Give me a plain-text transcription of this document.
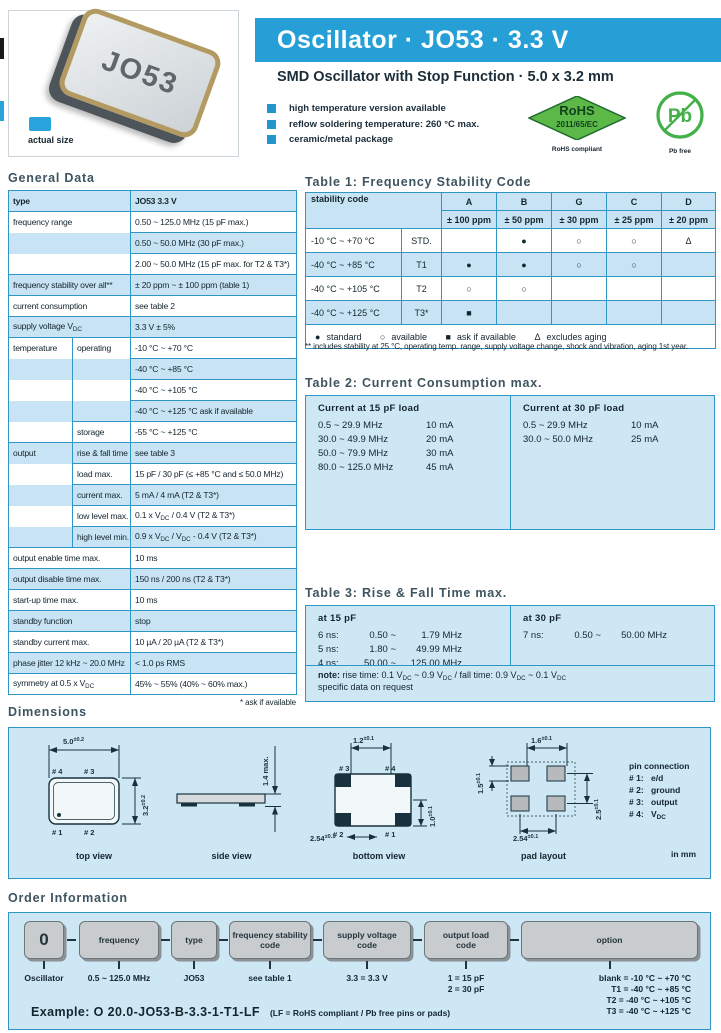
JO53
actual size
Oscillator · JO53 · 3.3 V
SMD Oscillator with Stop Function · 5.0 x 3.2 mm
high temperature version available
reflow soldering temperature: 260 °C max.
ceramic/metal package
RoHS
2011/65/EC
RoHS compliant
Pb
Pb free
General Data
type		JO53 3.3 V
frequency range		0.50 ~ 125.0 MHz (15 pF max.)
		0.50 ~ 50.0 MHz (30 pF max.)
		2.00 ~ 50.0 MHz (15 pF max. for T2 & T3*)
frequency stability over all**		± 20 ppm ~ ± 100 ppm (table 1)
current consumption		see table 2
supply voltage $V_{DC}$		3.3 V ± 5%
temperature	operating	-10 °C ~ +70 °C
		-40 °C ~ +85 °C
		-40 °C ~ +105 °C
		-40 °C ~ +125 °C ask if available
	storage	-55 °C ~ +125 °C
output	rise & fall time	see table 3
	load max.	15 pF / 30 pF (≤ +85 °C and ≤ 50.0 MHz)
	current max.	5 mA / 4 mA (T2 & T3*)
	low level max.	0.1 x $V_{DC} / 0.4$ V (T2 & T3*)
	high level min.	0.9 x $V_{DC} / V_{DC} - 0.4$ V (T2 & T3*)
output enable time max.		10 ms
output disable time max.		150 ns / 200 ns (T2 & T3*)
start-up time max.		10 ms
standby function		stop
standby current max.		10 µA / 20 µA (T2 & T3*)
phase jitter 12 kHz ~ 20.0 MHz		< 1.0 ps RMS
symmetry at 0.5 x $V_{DC}$		45% ~ 55% (40% ~ 60% max.)
* ask if available
Table 1: Frequency Stability Code
stability code		A	B	G	C	D
		± 100 ppm	± 50 ppm	± 30 ppm	± 25 ppm	± 20 ppm
-10 °C ~ +70 °C	STD.		●	○	○	Δ
-40 °C ~ +85 °C	T1	●	●	○	○	
-40 °C ~ +105 °C	T2	○	○			
-40 °C ~ +125 °C	T3*	■				
● standard ○ available ■ ask if available Δ excludes aging						
** includes stability at 25 °C, operating temp. range, supply voltage change, shock and vibration, aging 1st year.
Table 2: Current Consumption max.
Current at 15 pF load
0.5 ~ 29.9 MHz	10 mA
30.0 ~ 49.9 MHz	20 mA
50.0 ~ 79.9 MHz	30 mA
80.0 ~ 125.0 MHz	45 mA
Current at 30 pF load
0.5 ~ 29.9 MHz	10 mA
30.0 ~ 50.0 MHz	25 mA
Table 3: Rise & Fall Time max.
at 15 pF
6 ns:	0.50 ~	1.79 MHz
5 ns:	1.80 ~ 49.99 MHz
4 ns:	50.00 ~ 125.00 MHz
at 30 pF
7 ns:	0.50 ~ 50.00 MHz
note: rise time: 0.1 $V_{DC}$ ~ 0.9 $V_{DC}$ / fall time: 0.9 $V_{DC}$ ~ 0.1 $V_{DC}$
specific data on request
Dimensions
$5.0^{\pm 0.2}$
# 4	# 3
# 1	# 2
$3.2^{\pm 0.2}$
top view
1.4 max.
side view
$1.2^{\pm 0.1}$
# 3	# 4
# 2	# 1
$2.54^{\pm 0.1}$
$1.0^{\pm 0.1}$
bottom view
$1.6^{\pm 0.1}$
$1.5^{\pm 0.1}$
$2.54^{\pm 0.1}$
$2.5^{\pm 0.1}$
pad layout
pin connection
# 1: e/d
# 2: ground
# 3: output
# 4: $V_{DC}$
in mm
Order Information
0	frequency	type
frequency stability
code
supply voltage
code
output load
code
option
Oscillator	0.5 ~ 125.0 MHz	JO53	see table 1	3.3 = 3.3 V	1 = 15 pF
2 = 30 pF
blank = -10 °C ~ +70 °C
T1 = -40 °C ~ +85 °C
T2 = -40 °C ~ +105 °C
T3 = -40 °C ~ +125 °C
Example: O 20.0-JO53-B-3.3-1-T1-LF (LF = RoHS compliant / Pb free pins or pads)
